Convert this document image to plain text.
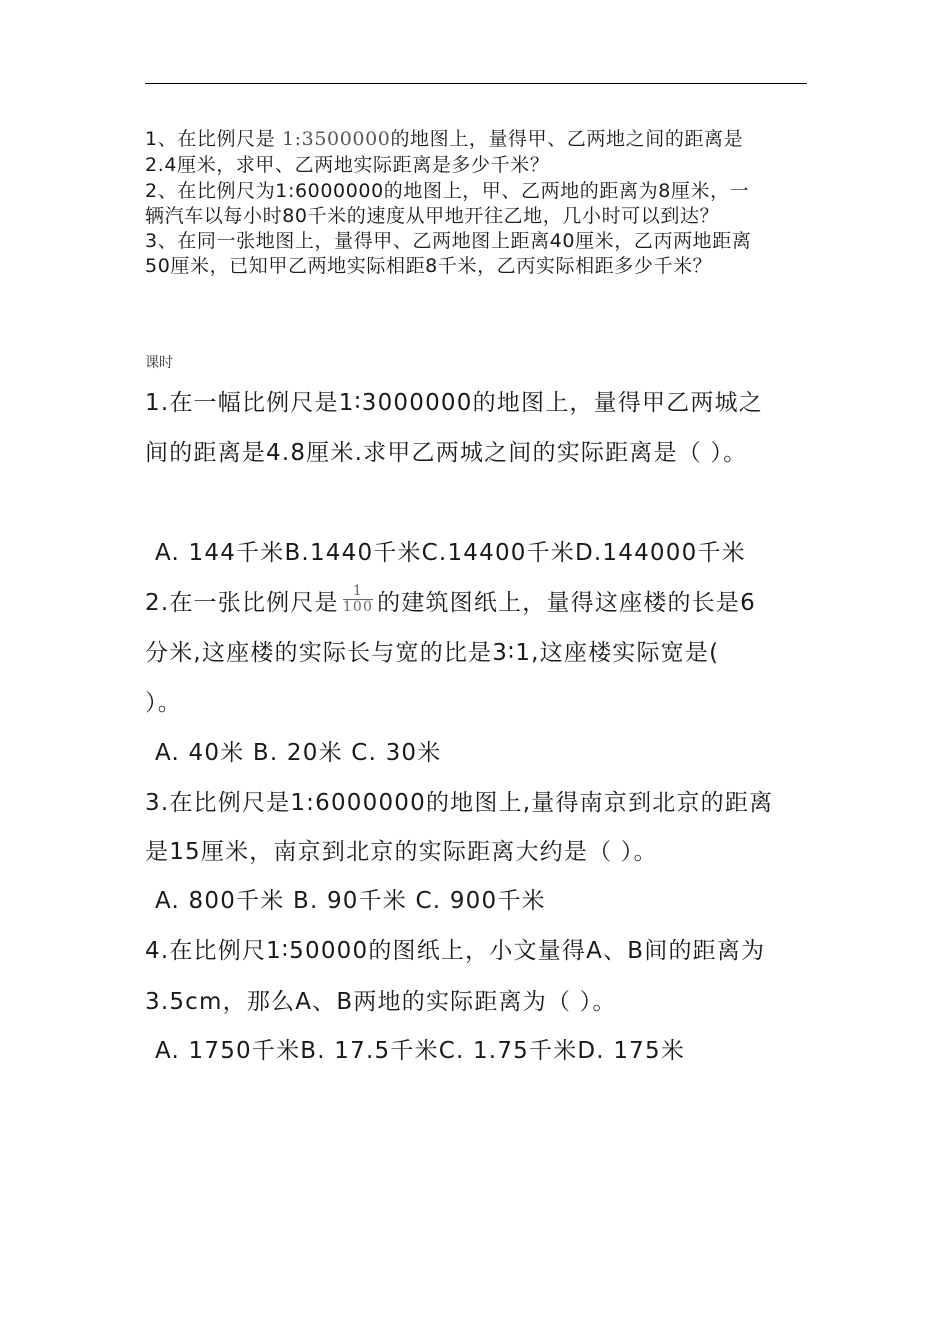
1、在比例尺是 1:3500000的地图上，量得甲、乙两地之间的距离是
2.4厘米，求甲、乙两地实际距离是多少千米？
2、在比例尺为1:6000000的地图上，甲、乙两地的距离为8厘米，一
辆汽车以每小时80千米的速度从甲地开往乙地，几小时可以到达？
3、在同一张地图上，量得甲、乙两地图上距离40厘米，乙丙两地距离
50厘米，已知甲乙两地实际相距8千米，乙丙实际相距多少千米？
课时
1.在一幅比例尺是1∶3000000的地图上，量得甲乙两城之
间的距离是4.8厘米.求甲乙两城之间的实际距离是（ ）。
A. 144千米B.1440千米C.14400千米D.144000千米
2.在一张比例尺是 $\frac{1}{100}$ 的建筑图纸上，量得这座楼的长是6
分米,这座楼的实际长与宽的比是3∶1,这座楼实际宽是(
）。
A. 40米 B. 20米 C. 30米
3.在比例尺是1:6000000的地图上,量得南京到北京的距离
是15厘米，南京到北京的实际距离大约是（ ）。
A. 800千米 B. 90千米 C. 900千米
4.在比例尺1∶50000的图纸上，小文量得A、B间的距离为
3.5cm，那么A、B两地的实际距离为（ ）。
A. 1750千米B. 17.5千米C. 1.75千米D. 175米
